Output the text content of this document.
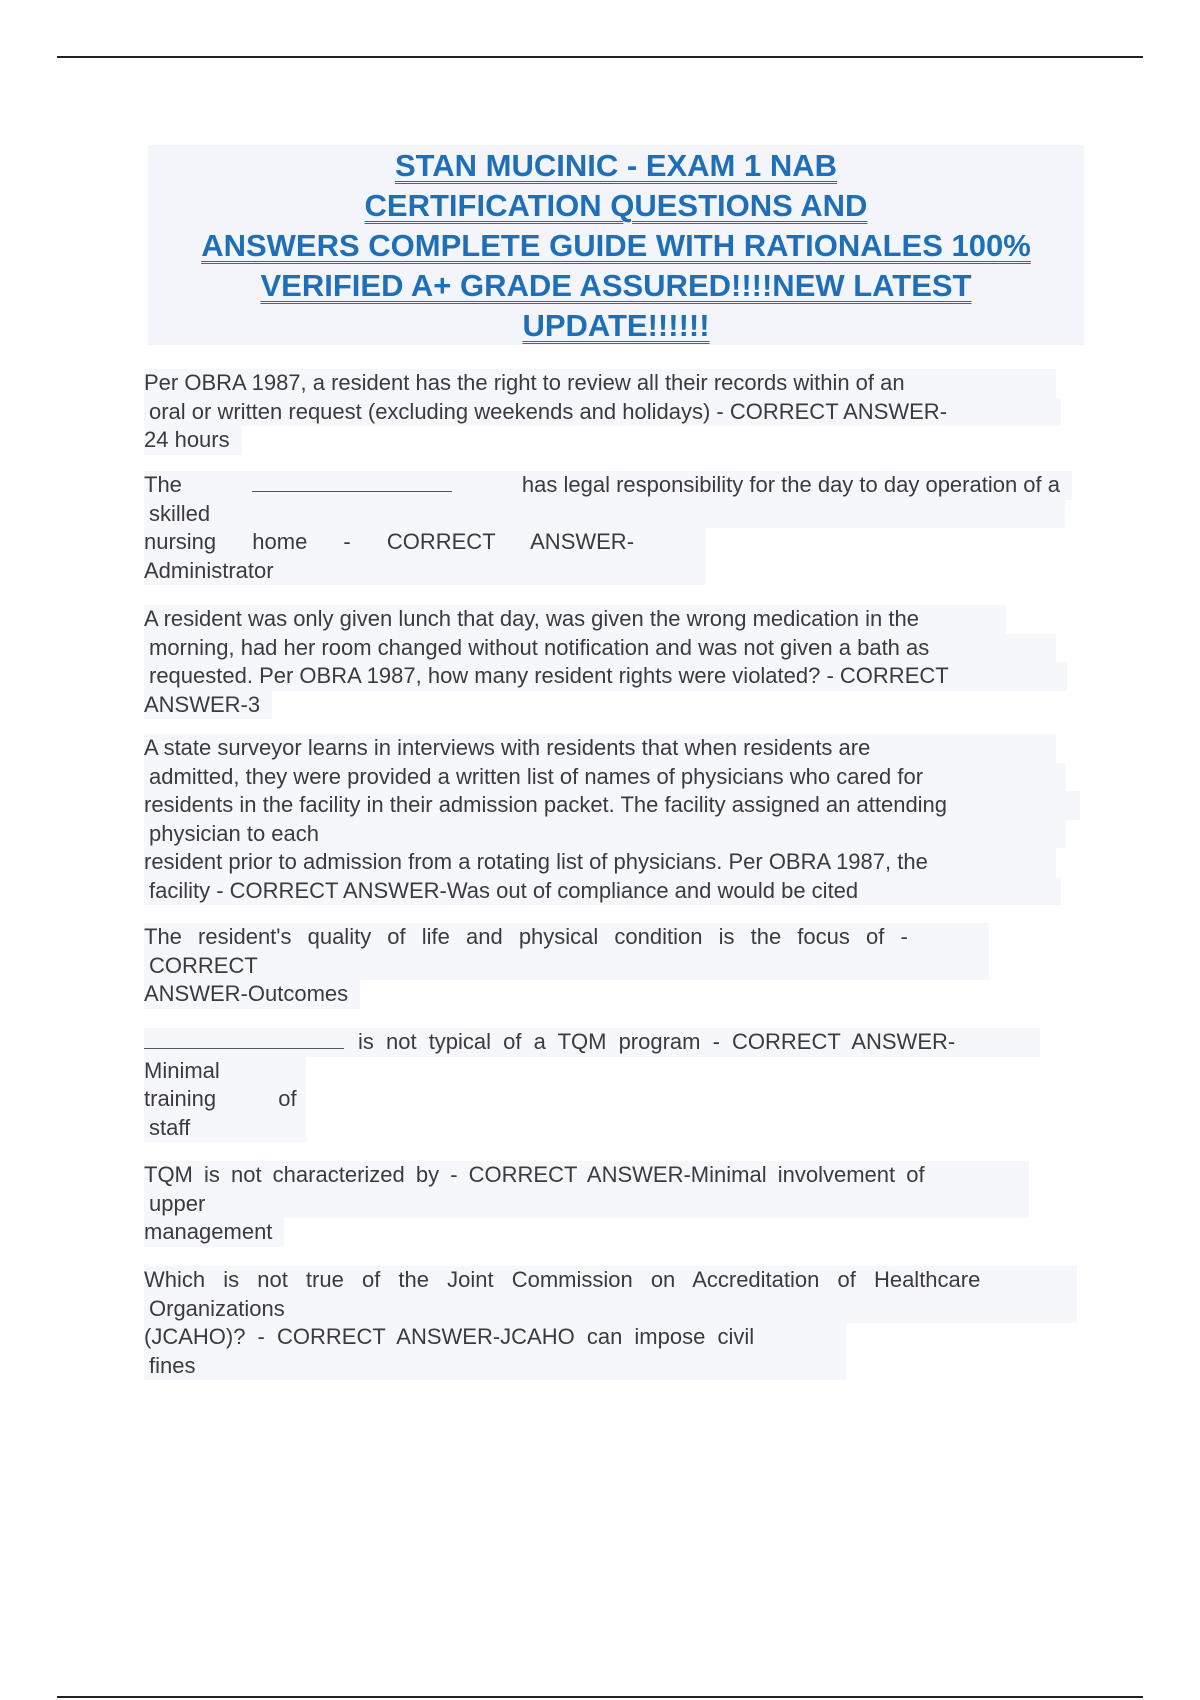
STAN MUCINIC - EXAM 1 NAB
CERTIFICATION QUESTIONS AND
ANSWERS COMPLETE GUIDE WITH RATIONALES 100%
VERIFIED A+ GRADE ASSURED!!!!NEW LATEST
UPDATE!!!!!!
Per OBRA 1987, a resident has the right to review all their records within of an
oral or written request (excluding weekends and holidays) - CORRECT ANSWER-
24 hours
The	has legal responsibility for the day to day operation of a
skilled
nursing home - CORRECT ANSWER-
Administrator
A resident was only given lunch that day, was given the wrong medication in the
morning, had her room changed without notification and was not given a bath as
requested. Per OBRA 1987, how many resident rights were violated? - CORRECT
ANSWER-3
A state surveyor learns in interviews with residents that when residents are
admitted, they were provided a written list of names of physicians who cared for
residents in the facility in their admission packet. The facility assigned an attending
physician to each
resident prior to admission from a rotating list of physicians. Per OBRA 1987, the
facility - CORRECT ANSWER-Was out of compliance and would be cited
The resident's quality of life and physical condition is the focus of -
CORRECT
ANSWER-Outcomes
is not typical of a TQM program - CORRECT ANSWER-
Minimal
training of
staff
TQM is not characterized by - CORRECT ANSWER-Minimal involvement of
upper
management
Which is not true of the Joint Commission on Accreditation of Healthcare
Organizations
(JCAHO)? - CORRECT ANSWER-JCAHO can impose civil
fines
